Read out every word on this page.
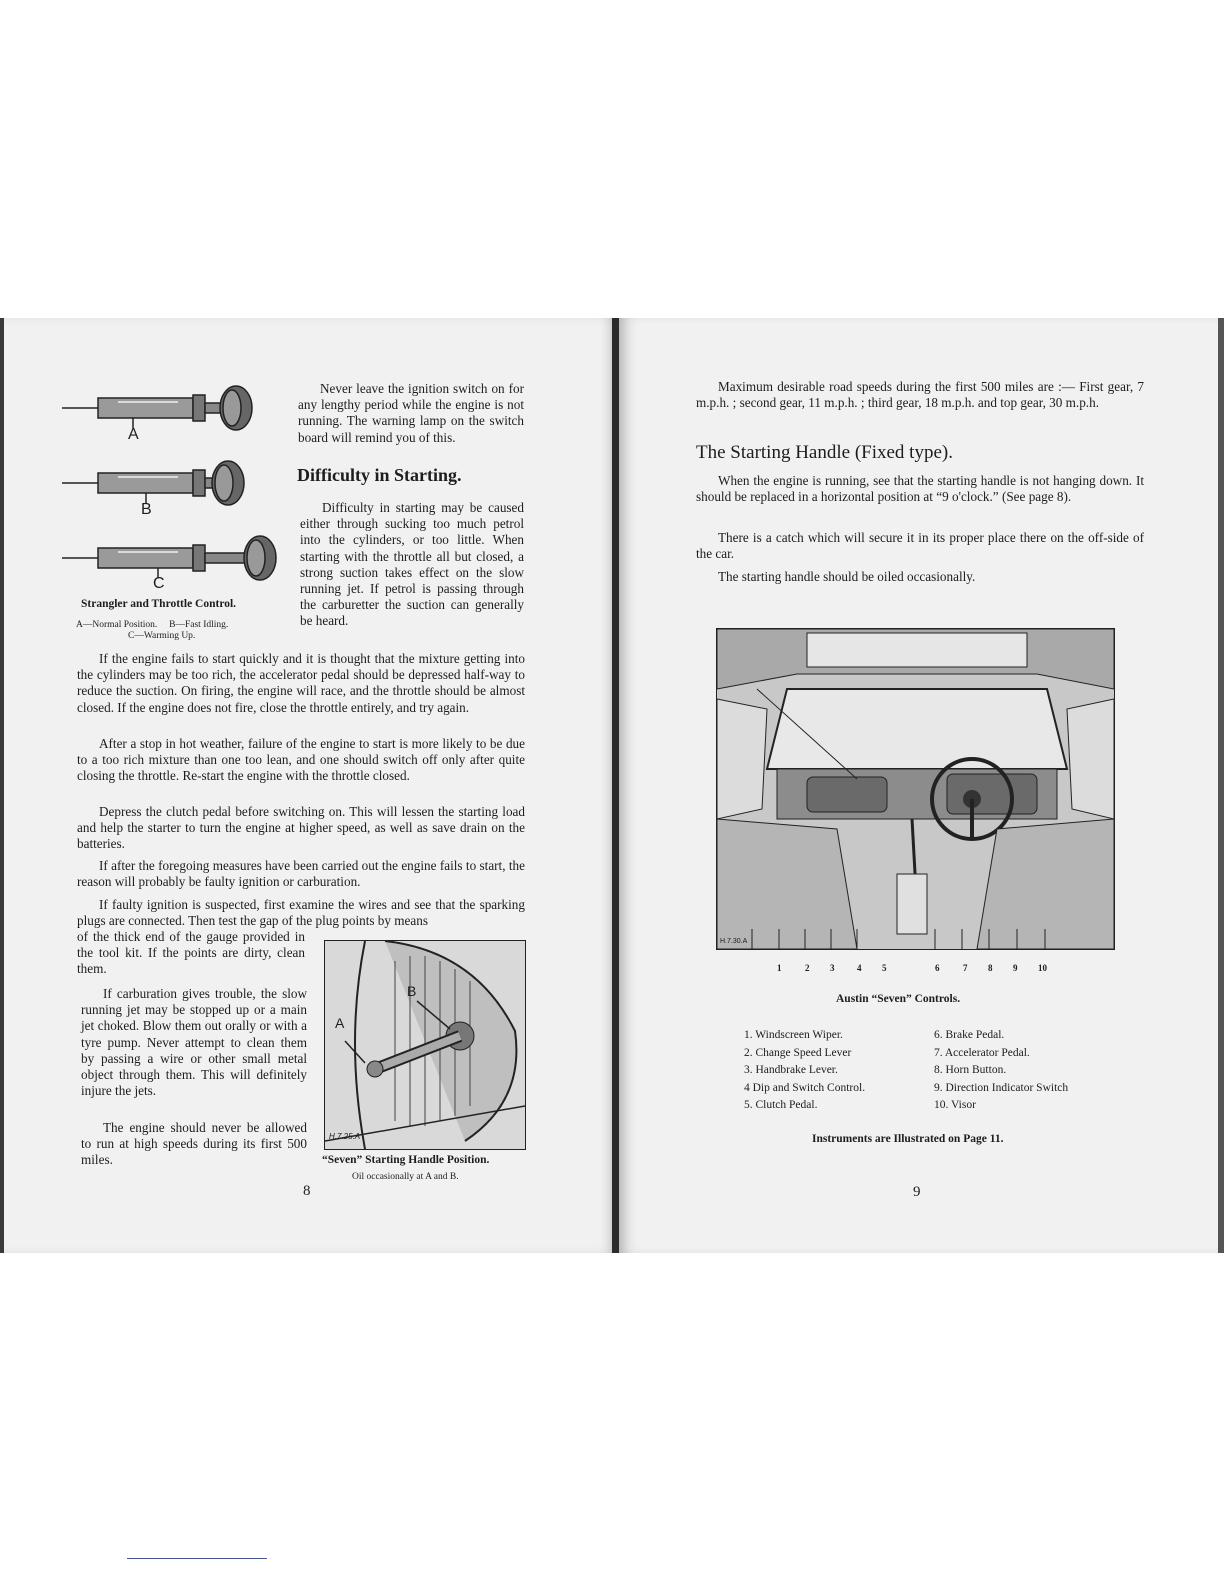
A
B
C
Strangler and Throttle Control.
A—Normal Position.     B—Fast Idling.
C—Warming Up.

Never leave the ignition switch on for any lengthy period while the engine is not running. The warning lamp on the switch board will remind you of this.

Difficulty in Starting.

Difficulty in starting may be caused either through sucking too much petrol into the cylinders, or too little. When starting with the throttle all but closed, a strong suction takes effect on the slow running jet. If petrol is passing through the carburetter the suction can generally be heard.

If the engine fails to start quickly and it is thought that the mixture getting into the cylinders may be too rich, the accelerator pedal should be depressed half-way to reduce the suction. On firing, the engine will race, and the throttle should be almost closed. If the engine does not fire, close the throttle entirely, and try again.

After a stop in hot weather, failure of the engine to start is more likely to be due to a too rich mixture than one too lean, and one should switch off only after quite closing the throttle. Re-start the engine with the throttle closed.

Depress the clutch pedal before switching on. This will lessen the starting load and help the starter to turn the engine at higher speed, as well as save drain on the batteries.

If after the foregoing measures have been carried out the engine fails to start, the reason will probably be faulty ignition or carburation.

If faulty ignition is suspected, first examine the wires and see that the sparking plugs are connected. Then test the gap of the plug points by means

of the thick end of the gauge provided in the tool kit. If the points are dirty, clean them.

If carburation gives trouble, the slow running jet may be stopped up or a main jet choked. Blow them out orally or with a tyre pump. Never attempt to clean them by passing a wire or other small metal object through them. This will definitely injure the jets.

The engine should never be allowed to run at high speeds during its first 500 miles.

A
B
H.7.25.A
“Seven” Starting Handle Position.
Oil occasionally at A and B.
8

Maximum desirable road speeds during the first 500 miles are :— First gear, 7 m.p.h. ; second gear, 11 m.p.h. ; third gear, 18 m.p.h. and top gear, 30 m.p.h.

The Starting Handle (Fixed type).

When the engine is running, see that the starting handle is not hanging down. It should be replaced in a horizontal position at “9 o'clock.” (See page 8).

There is a catch which will secure it in its proper place there on the off-side of the car.

The starting handle should be oiled occasionally.

H.7.30.A
1	2 3	4 5	6	7 8 9 10
Austin “Seven” Controls.
1. Windscreen Wiper.	6. Brake Pedal.
2. Change Speed Lever	7. Accelerator Pedal.
3. Handbrake Lever.	8. Horn Button.
4 Dip and Switch Control.	9. Direction Indicator Switch
5. Clutch Pedal.	10. Visor
Instruments are Illustrated on Page 11.
9
